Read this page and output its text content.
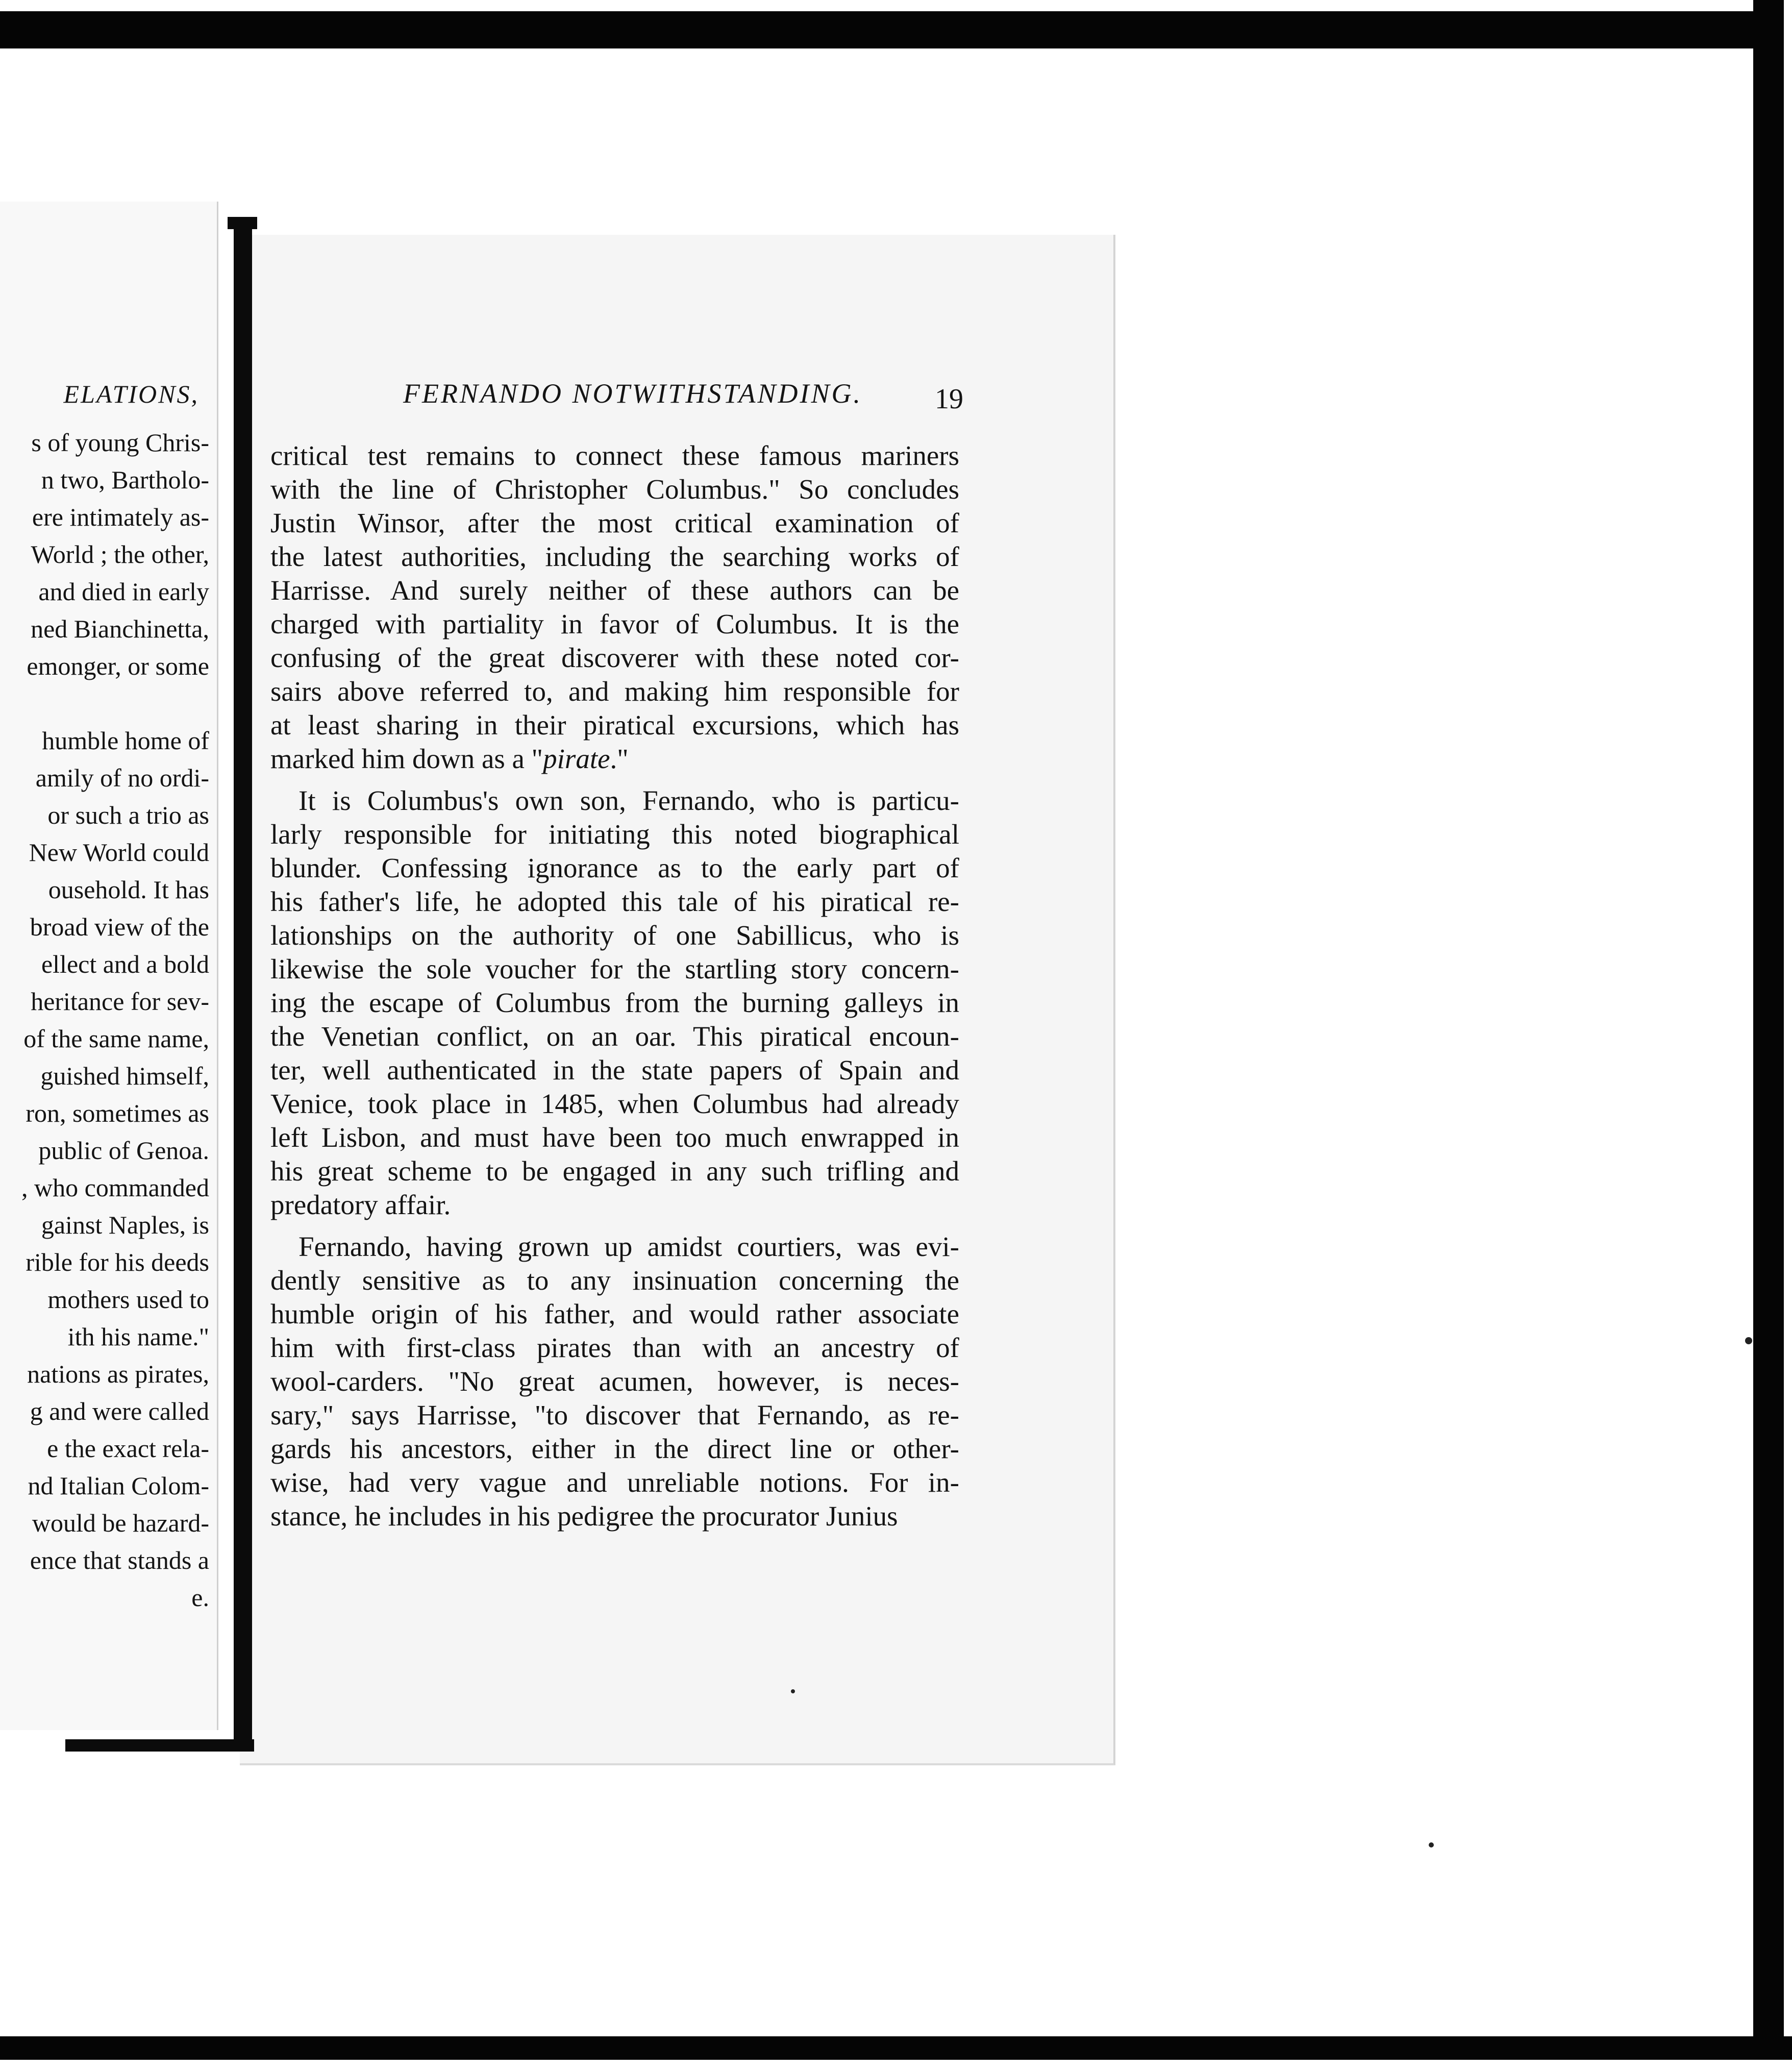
ELATIONS,
s of young Chris-
n two, Bartholo-
ere intimately as-
World ; the other,
and died in early
ned Bianchinetta,
emonger, or some
humble home of
amily of no ordi-
or such a trio as
New World could
ousehold. It has
broad view of the
ellect and a bold
heritance for sev-
of the same name,
guished himself,
ron, sometimes as
public of Genoa.
, who commanded
gainst Naples, is
rible for his deeds
mothers used to
ith his name."
nations as pirates,
g and were called
e the exact rela-
nd Italian Colom-
would be hazard-
ence that stands a
e.
FERNANDO NOTWITHSTANDING.	19
critical test remains to connect these famous mariners
with the line of Christopher Columbus." So concludes
Justin Winsor, after the most critical examination of
the latest authorities, including the searching works of
Harrisse. And surely neither of these authors can be
charged with partiality in favor of Columbus. It is the
confusing of the great discoverer with these noted cor-
sairs above referred to, and making him responsible for
at least sharing in their piratical excursions, which has
marked him down as a "pirate."
It is Columbus's own son, Fernando, who is particu-
larly responsible for initiating this noted biographical
blunder. Confessing ignorance as to the early part of
his father's life, he adopted this tale of his piratical re-
lationships on the authority of one Sabillicus, who is
likewise the sole voucher for the startling story concern-
ing the escape of Columbus from the burning galleys in
the Venetian conflict, on an oar. This piratical encoun-
ter, well authenticated in the state papers of Spain and
Venice, took place in 1485, when Columbus had already
left Lisbon, and must have been too much enwrapped in
his great scheme to be engaged in any such trifling and
predatory affair.
Fernando, having grown up amidst courtiers, was evi-
dently sensitive as to any insinuation concerning the
humble origin of his father, and would rather associate
him with first-class pirates than with an ancestry of
wool-carders. "No great acumen, however, is neces-
sary," says Harrisse, "to discover that Fernando, as re-
gards his ancestors, either in the direct line or other-
wise, had very vague and unreliable notions. For in-
stance, he includes in his pedigree the procurator Junius
